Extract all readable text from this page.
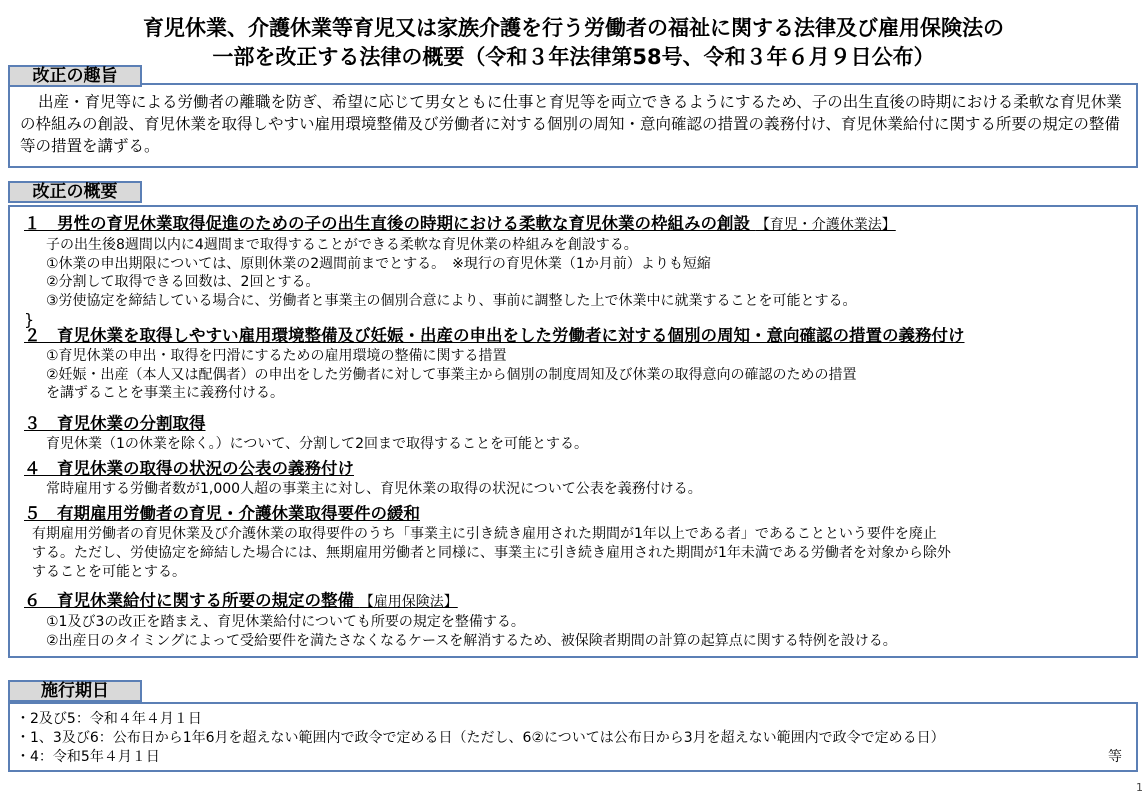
育児休業、介護休業等育児又は家族介護を行う労働者の福祉に関する法律及び雇用保険法の
一部を改正する法律の概要（令和３年法律第58号、令和３年６月９日公布）
出産・育児等による労働者の離職を防ぎ、希望に応じて男女ともに仕事と育児等を両立できるようにするため、子の出生直後の時期における柔軟な育児休業の枠組みの創設、育児休業を取得しやすい雇用環境整備及び労働者に対する個別の周知・意向確認の措置の義務付け、育児休業給付に関する所要の規定の整備等の措置を講ずる。
改正の趣旨
１　男性の育児休業取得促進のための子の出生直後の時期における柔軟な育児休業の枠組みの創設 【育児・介護休業法】
子の出生後8週間以内に4週間まで取得することができる柔軟な育児休業の枠組みを創設する。
①休業の申出期限については、原則休業の2週間前までとする。　※現行の育児休業（1か月前）よりも短縮
②分割して取得できる回数は、2回とする。
③労使協定を締結している場合に、労働者と事業主の個別合意により、事前に調整した上で休業中に就業することを可能とする。
}
２　育児休業を取得しやすい雇用環境整備及び妊娠・出産の申出をした労働者に対する個別の周知・意向確認の措置の義務付け
①育児休業の申出・取得を円滑にするための雇用環境の整備に関する措置
②妊娠・出産（本人又は配偶者）の申出をした労働者に対して事業主から個別の制度周知及び休業の取得意向の確認のための措置
を講ずることを事業主に義務付ける。
３　育児休業の分割取得
育児休業（1の休業を除く。）について、分割して2回まで取得することを可能とする。
４　育児休業の取得の状況の公表の義務付け
常時雇用する労働者数が1,000人超の事業主に対し、育児休業の取得の状況について公表を義務付ける。
５　有期雇用労働者の育児・介護休業取得要件の緩和
有期雇用労働者の育児休業及び介護休業の取得要件のうち「事業主に引き続き雇用された期間が1年以上である者」であることという要件を廃止
する。ただし、労使協定を締結した場合には、無期雇用労働者と同様に、事業主に引き続き雇用された期間が1年未満である労働者を対象から除外
することを可能とする。
６　育児休業給付に関する所要の規定の整備 【雇用保険法】
①1及び3の改正を踏まえ、育児休業給付についても所要の規定を整備する。
②出産日のタイミングによって受給要件を満たさなくなるケースを解消するため、被保険者期間の計算の起算点に関する特例を設ける。
改正の概要
・2及び5：令和４年４月１日
・1、3及び6：公布日から1年6月を超えない範囲内で政令で定める日（ただし、6②については公布日から3月を超えない範囲内で政令で定める日）
・4：令和5年４月１日	等
施行期日
1
